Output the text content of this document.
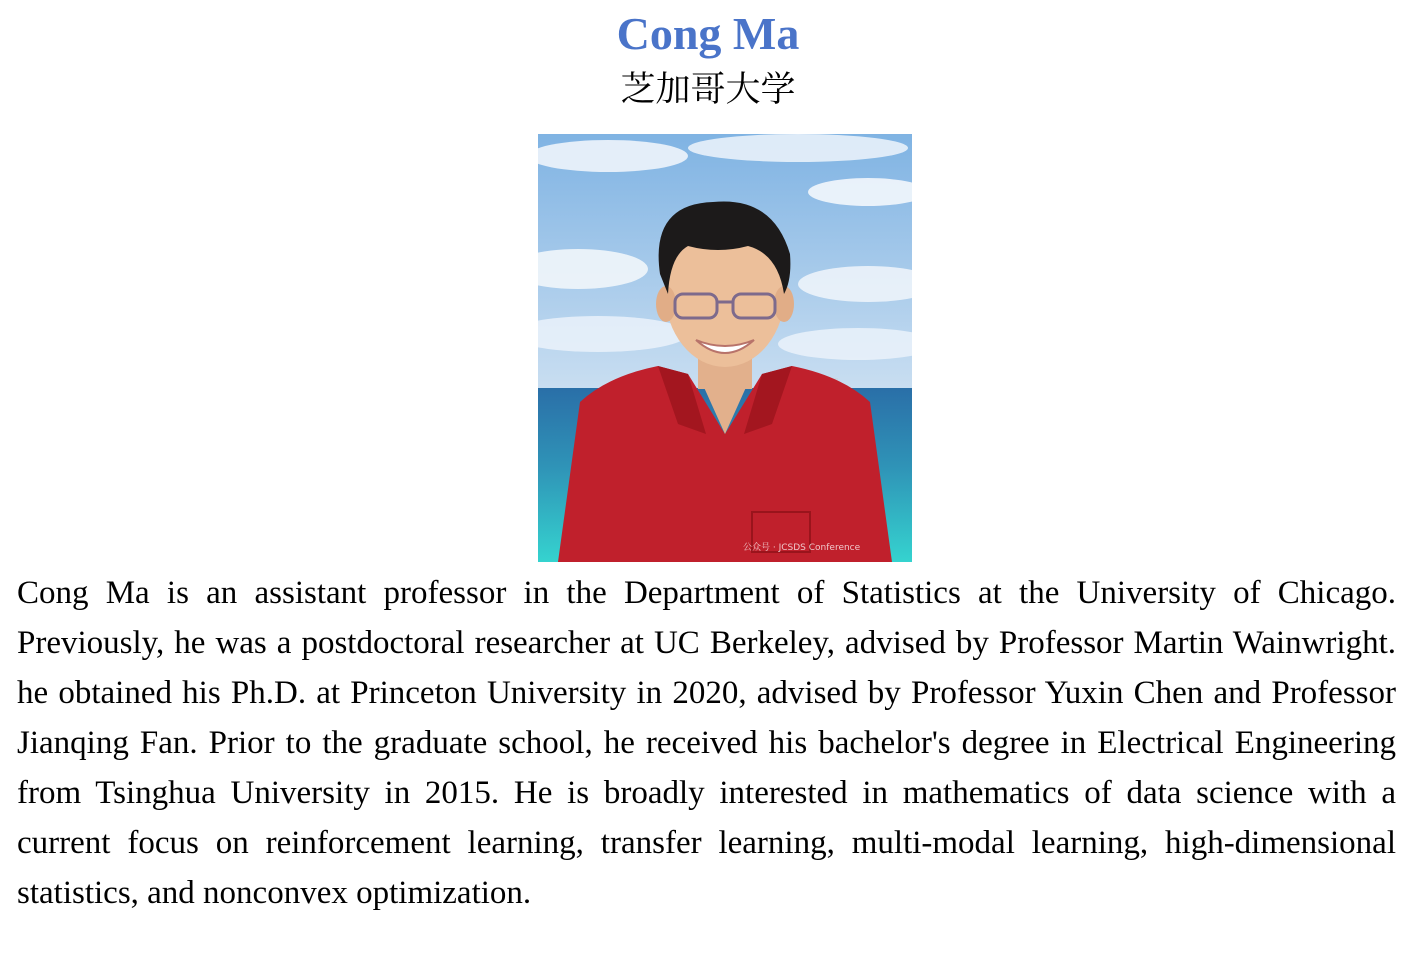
Cong Ma
芝加哥大学
公众号 · JCSDS Conference

Cong Ma is an assistant professor in the Department of Statistics at the University of Chicago. Previously, he was a postdoctoral researcher at UC Berkeley, advised by Professor Martin Wainwright. he obtained his Ph.D. at Princeton University in 2020, advised by Professor Yuxin Chen and Professor Jianqing Fan. Prior to the graduate school, he received his bachelor's degree in Electrical Engineering from Tsinghua University in 2015. He is broadly interested in mathematics of data science with a current focus on reinforcement learning, transfer learning, multi-modal learning, high-dimensional statistics, and nonconvex optimization.
